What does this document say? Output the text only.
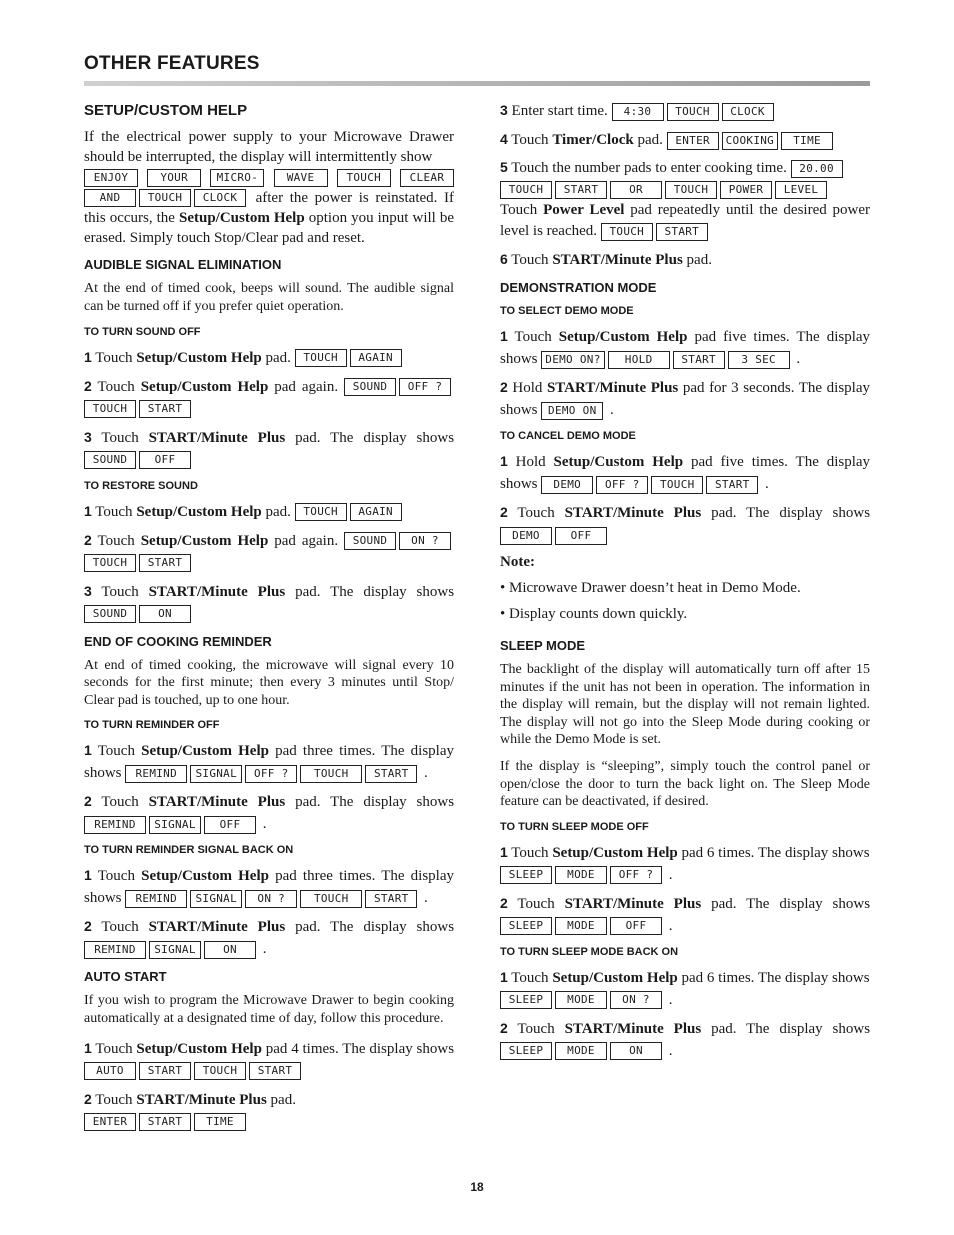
OTHER FEATURES
SETUP/CUSTOM HELP

If the electrical power supply to your Microwave Drawer should be interrupted, the display will intermittently show
ENJOY	YOUR	MICRO-	WAVE	TOUCH	CLEAR
AND TOUCH CLOCK after the power is reinstated. If this occurs, the Setup/Custom Help option you input will be erased. Simply touch Stop/Clear pad and reset.

AUDIBLE SIGNAL ELIMINATION

At the end of timed cook, beeps will sound. The audible signal can be turned off if you prefer quiet operation.

TO TURN SOUND OFF
1 Touch Setup/Custom Help pad. TOUCH AGAIN
2 Touch Setup/Custom Help pad again. SOUND OFF ? TOUCH START
3 Touch START/Minute Plus pad. The display shows SOUND OFF
TO RESTORE SOUND
1 Touch Setup/Custom Help pad. TOUCH AGAIN
2 Touch Setup/Custom Help pad again. SOUND ON ? TOUCH START
3 Touch START/Minute Plus pad. The display shows SOUND	ON
END OF COOKING REMINDER

At end of timed cooking, the microwave will signal every 10 seconds for the first minute; then every 3 minutes until Stop/ Clear pad is touched, up to one hour.

TO TURN REMINDER OFF
1 Touch Setup/Custom Help pad three times. The display shows REMIND SIGNAL OFF ? TOUCH START .
2 Touch START/Minute Plus pad. The display shows REMIND SIGNAL OFF .
TO TURN REMINDER SIGNAL BACK ON
1 Touch Setup/Custom Help pad three times. The display shows REMIND SIGNAL ON ?	TOUCH START .
2 Touch START/Minute Plus pad. The display shows REMIND SIGNAL ON .
AUTO START

If you wish to program the Microwave Drawer to begin cooking automatically at a designated time of day, follow this procedure.

1 Touch Setup/Custom Help pad 4 times. The display shows AUTO START TOUCH START
2 Touch START/Minute Plus pad.
ENTER START TIME
3 Enter start time. 4:30 TOUCH CLOCK
4 Touch Timer/Clock pad. ENTER COOKING TIME
5 Touch the number pads to enter cooking time. 20.00
TOUCH START	OR	TOUCH POWER LEVEL
Touch Power Level pad repeatedly until the desired power level is reached. TOUCH START
6 Touch START/Minute Plus pad.
DEMONSTRATION MODE
TO SELECT DEMO MODE
1 Touch Setup/Custom Help pad five times. The display shows DEMO ON? HOLD	START 3 SEC .
2 Hold START/Minute Plus pad for 3 seconds. The display shows DEMO ON .
TO CANCEL DEMO MODE
1 Hold Setup/Custom Help pad five times. The display shows DEMO OFF ? TOUCH START .
2 Touch START/Minute Plus pad. The display shows DEMO	OFF
Note:
• Microwave Drawer doesn’t heat in Demo Mode.
• Display counts down quickly.
SLEEP MODE

The backlight of the display will automatically turn off after 15 minutes if the unit has not been in operation. The information in the display will remain, but the display will not remain lighted. The display will not go into the Sleep Mode during cooking or while the Demo Mode is set.

If the display is “sleeping”, simply touch the control panel or open/close the door to turn the back light on. The Sleep Mode feature can be deactivated, if desired.

TO TURN SLEEP MODE OFF
1 Touch Setup/Custom Help pad 6 times. The display shows
SLEEP MODE OFF ? .
2 Touch START/Minute Plus pad. The display shows SLEEP MODE	OFF .
TO TURN SLEEP MODE BACK ON
1 Touch Setup/Custom Help pad 6 times. The display shows
SLEEP MODE ON ? .
2 Touch START/Minute Plus pad. The display shows SLEEP MODE	ON .
18
